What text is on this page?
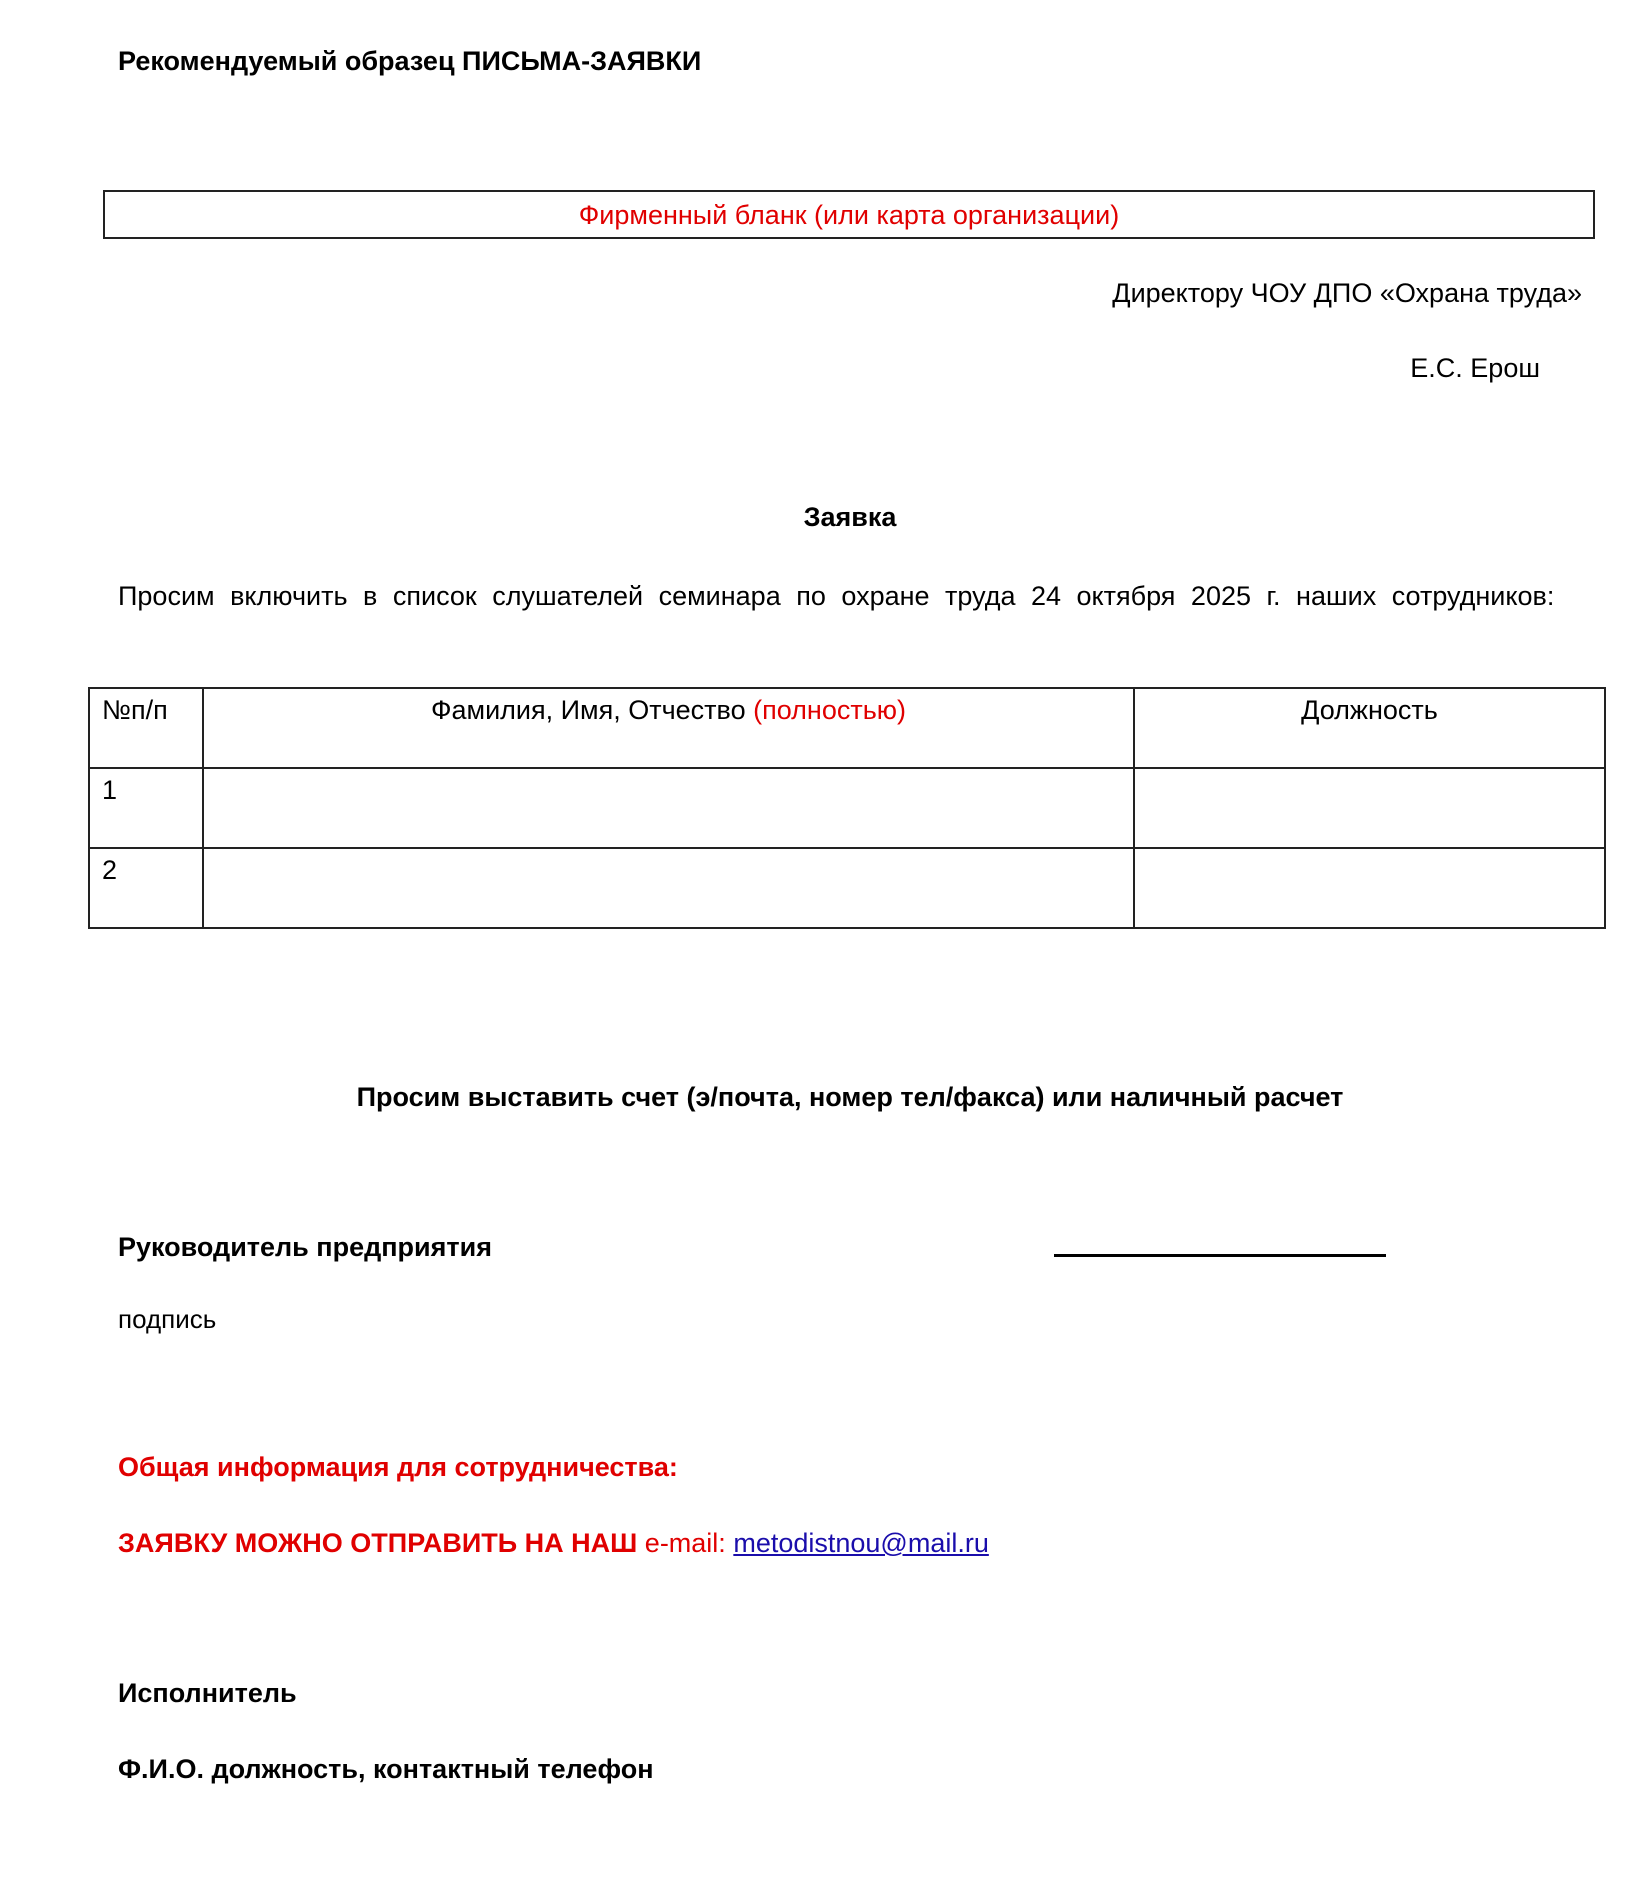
Рекомендуемый образец ПИСЬМА-ЗАЯВКИ
Фирменный бланк (или карта организации)
Директору ЧОУ ДПО «Охрана труда»
Е.С. Ерош
Заявка
Просим включить в список слушателей семинара по охране труда 24 октября 2025 г. наших сотрудников:
№п/п	Фамилия, Имя, Отчество (полностью)	Должность
1		
2		
Просим выставить счет (э/почта, номер тел/факса) или наличный расчет
Руководитель предприятия
подпись
Общая информация для сотрудничества:
ЗАЯВКУ МОЖНО ОТПРАВИТЬ НА НАШ e-mail: metodistnou@mail.ru
Исполнитель
Ф.И.О. должность, контактный телефон
